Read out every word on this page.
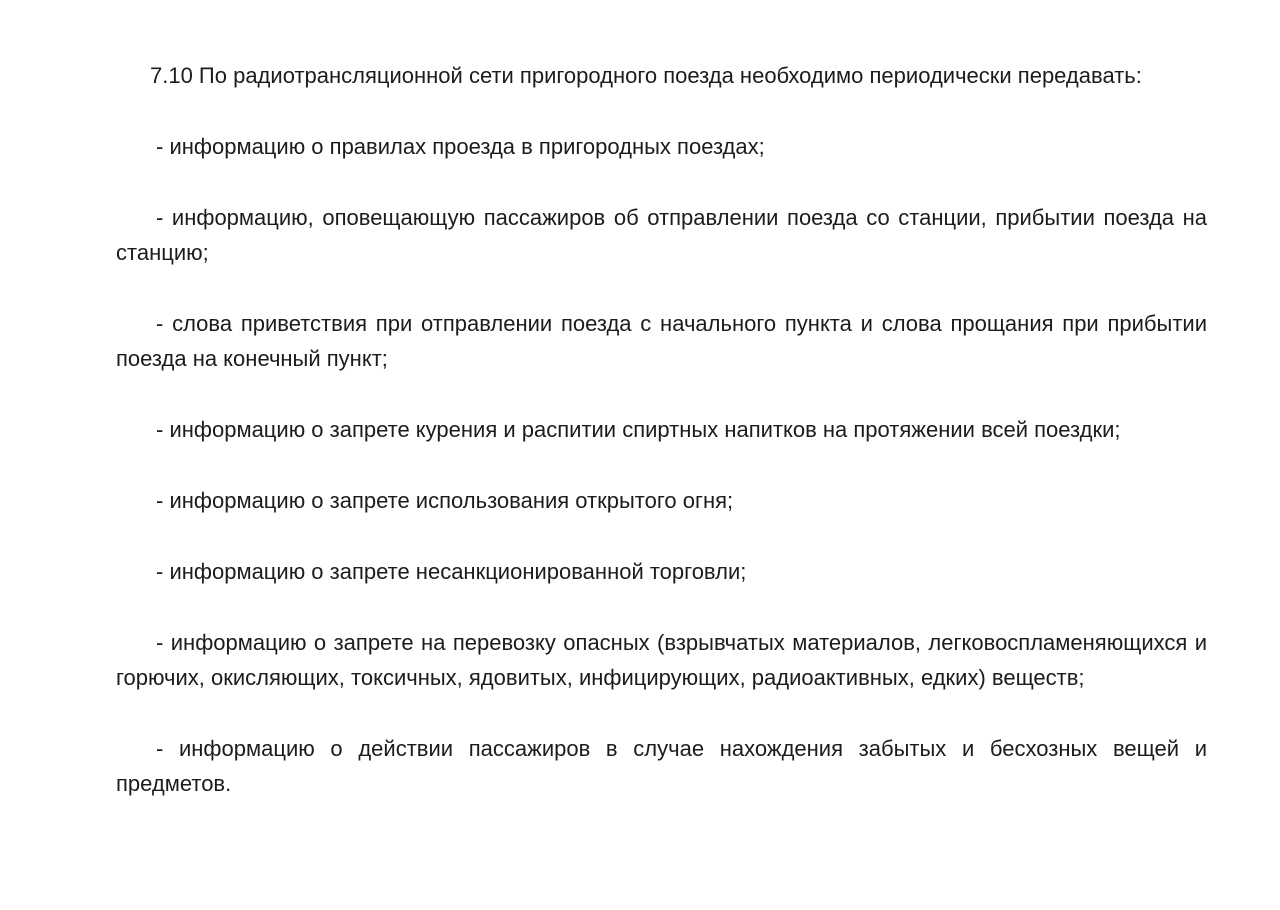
7.10 По радиотрансляционной сети пригородного поезда необходимо периодически передавать:

- информацию о правилах проезда в пригородных поездах;

- информацию, оповещающую пассажиров об отправлении поезда со станции, прибытии поезда на станцию;

- слова приветствия при отправлении поезда с начального пункта и слова прощания при прибытии поезда на конечный пункт;

- информацию о запрете курения и распитии спиртных напитков на протяжении всей поездки;

- информацию о запрете использования открытого огня;

- информацию о запрете несанкционированной торговли;

- информацию о запрете на перевозку опасных (взрывчатых материалов, легковоспламеняющихся и горючих, окисляющих, токсичных, ядовитых, инфицирующих, радиоактивных, едких) веществ;

- информацию о действии пассажиров в случае нахождения забытых и бесхозных вещей и предметов.
